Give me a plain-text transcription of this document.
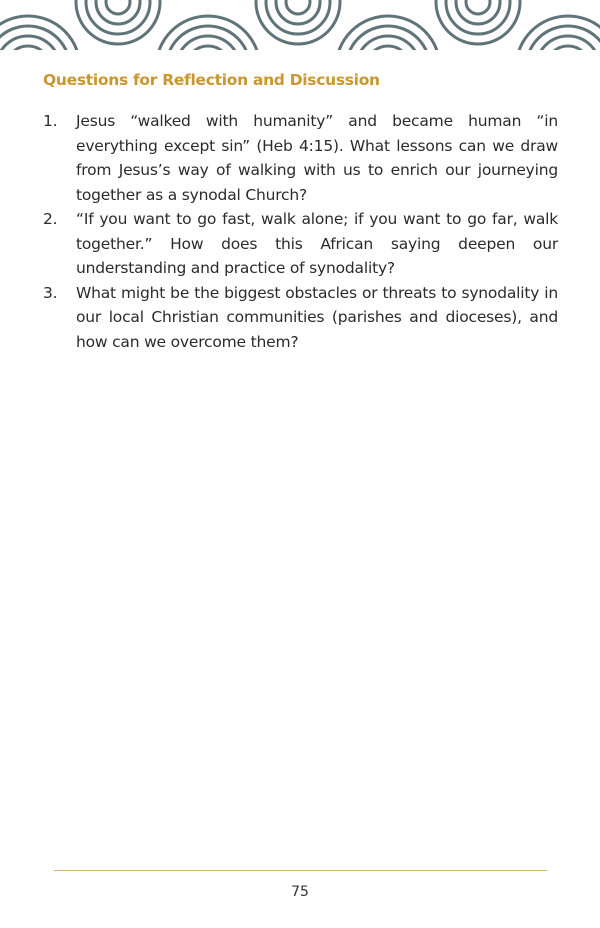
Questions for Reflection and Discussion
1.	Jesus “walked with humanity” and became human “in everything except sin” (Heb 4:15). What lessons can we draw from Jesus’s way of walking with us to enrich our journeying together as a synodal Church?
2.	“If you want to go fast, walk alone; if you want to go far, walk together.” How does this African saying deepen our understanding and practice of synodality?
3.	What might be the biggest obstacles or threats to synodality in our local Christian communities (parishes and dioceses), and how can we overcome them?
75
